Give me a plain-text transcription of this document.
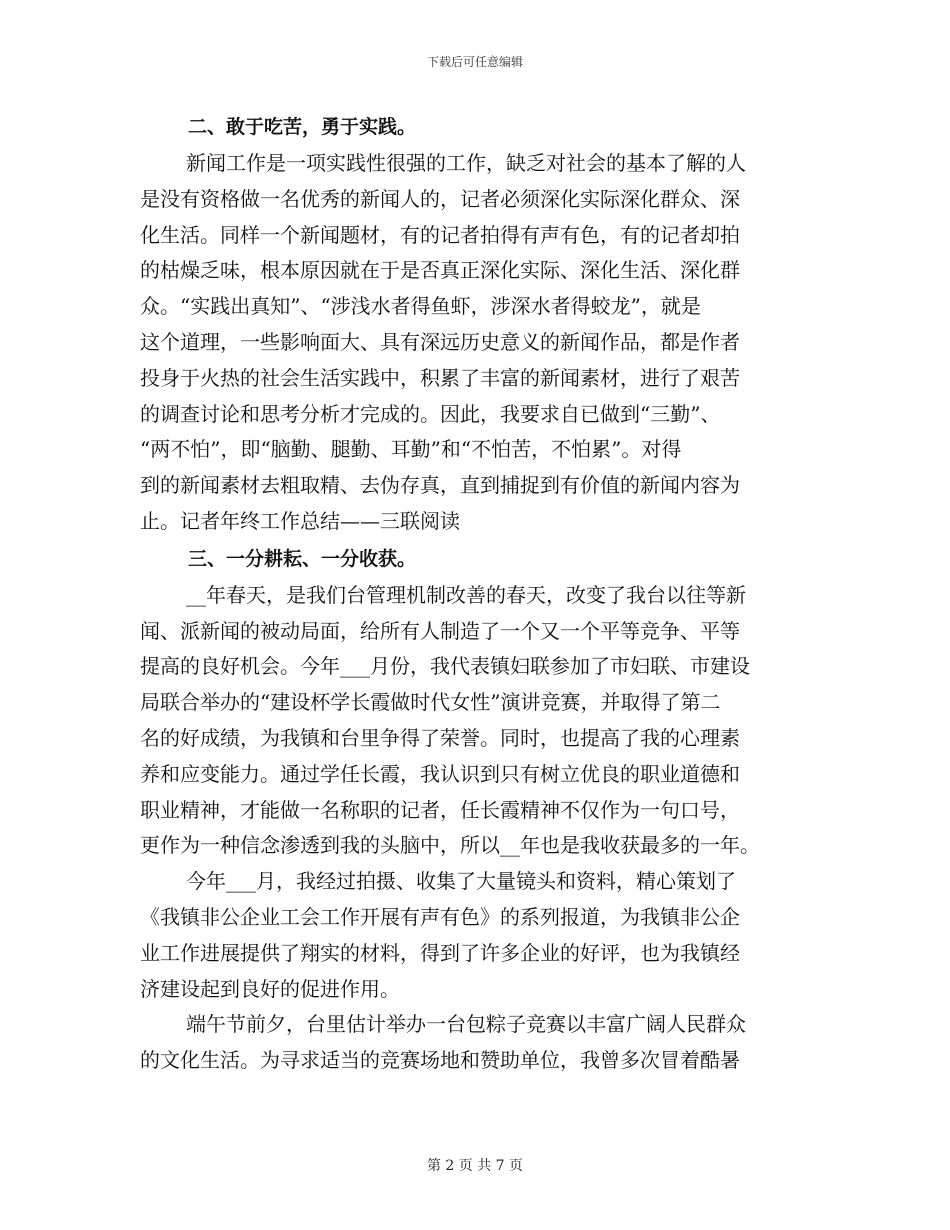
下载后可任意编辑
二、敢于吃苦，勇于实践。

新闻工作是一项实践性很强的工作，缺乏对社会的基本了解的人
是没有资格做一名优秀的新闻人的，记者必须深化实际深化群众、深
化生活。同样一个新闻题材，有的记者拍得有声有色，有的记者却拍
的枯燥乏味，根本原因就在于是否真正深化实际、深化生活、深化群
众。“实践出真知”、“涉浅水者得鱼虾，涉深水者得蛟龙”，就是
这个道理，一些影响面大、具有深远历史意义的新闻作品，都是作者
投身于火热的社会生活实践中，积累了丰富的新闻素材，进行了艰苦
的调查讨论和思考分析才完成的。因此，我要求自已做到“三勤”、
“两不怕”，即“脑勤、腿勤、耳勤”和“不怕苦，不怕累”。对得
到的新闻素材去粗取精、去伪存真，直到捕捉到有价值的新闻内容为
止。记者年终工作总结——三联阅读

三、一分耕耘、一分收获。

__年春天，是我们台管理机制改善的春天，改变了我台以往等新
闻、派新闻的被动局面，给所有人制造了一个又一个平等竞争、平等
提高的良好机会。今年___月份，我代表镇妇联参加了市妇联、市建设
局联合举办的“建设杯学长霞做时代女性”演讲竞赛，并取得了第二
名的好成绩，为我镇和台里争得了荣誉。同时，也提高了我的心理素
养和应变能力。通过学任长霞，我认识到只有树立优良的职业道德和
职业精神，才能做一名称职的记者，任长霞精神不仅作为一句口号，
更作为一种信念渗透到我的头脑中，所以__年也是我收获最多的一年。

今年___月，我经过拍摄、收集了大量镜头和资料，精心策划了
《我镇非公企业工会工作开展有声有色》的系列报道，为我镇非公企
业工作进展提供了翔实的材料，得到了许多企业的好评，也为我镇经
济建设起到良好的促进作用。

端午节前夕，台里估计举办一台包粽子竞赛以丰富广阔人民群众
的文化生活。为寻求适当的竞赛场地和赞助单位，我曾多次冒着酷暑

第 2 页 共 7 页
